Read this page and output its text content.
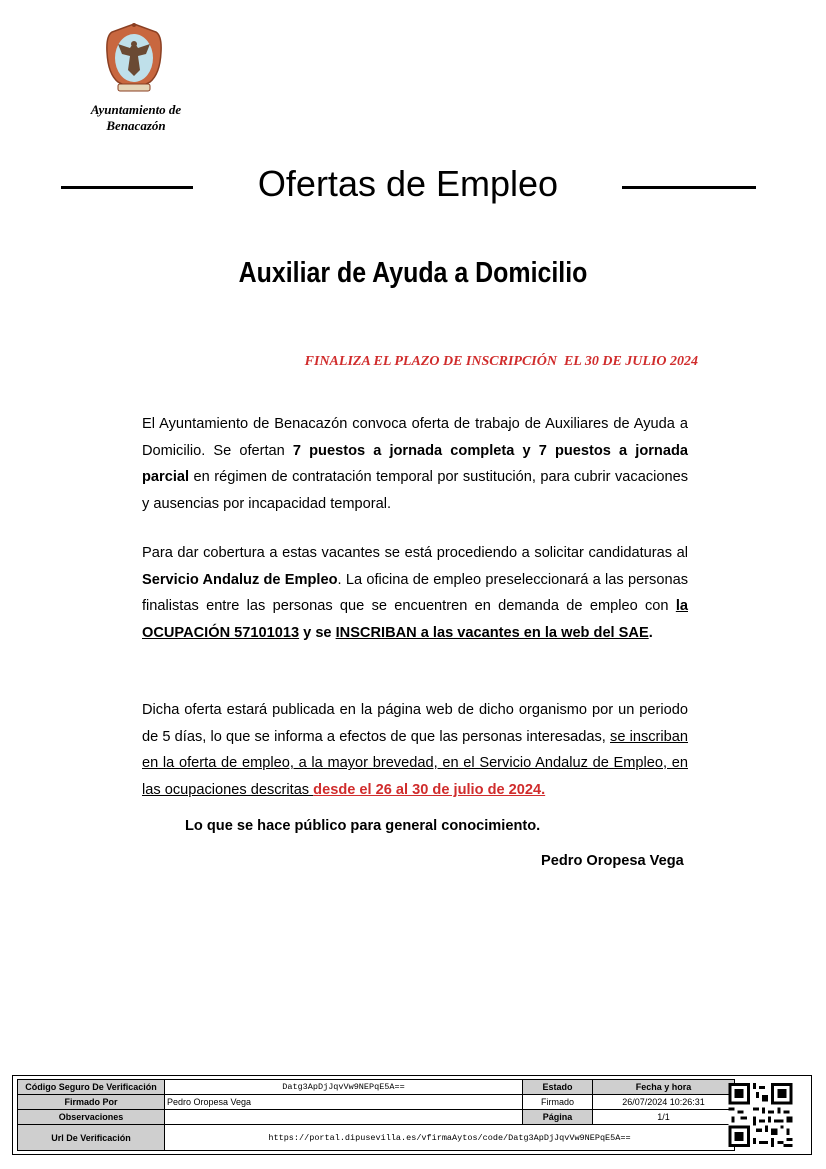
Ayuntamiento de
Benacazón
Ofertas de Empleo
Auxiliar de Ayuda a Domicilio
FINALIZA EL PLAZO DE INSCRIPCIÓN  EL 30 DE JULIO 2024
El Ayuntamiento de Benacazón convoca oferta de trabajo de Auxiliares de Ayuda a Domicilio. Se ofertan 7 puestos a jornada completa y 7 puestos a jornada parcial en régimen de contratación temporal por sustitución, para cubrir vacaciones y ausencias por incapacidad temporal.
Para dar cobertura a estas vacantes se está procediendo a solicitar candidaturas al Servicio Andaluz de Empleo. La oficina de empleo preseleccionará a las personas finalistas entre las personas que se encuentren en demanda de empleo con la OCUPACIÓN 57101013 y se INSCRIBAN a las vacantes en la web del SAE.
Dicha oferta estará publicada en la página web de dicho organismo por un periodo de 5 días, lo que se informa a efectos de que las personas interesadas, se inscriban en la oferta de empleo, a la mayor brevedad, en el Servicio Andaluz de Empleo, en las ocupaciones descritas desde el 26 al 30 de julio de 2024.
Lo que se hace público para general conocimiento.
Pedro Oropesa Vega
Código Seguro De Verificación	Datg3ApDjJqvVw9NEPqE5A==	Estado	Fecha y hora
Firmado Por	Pedro Oropesa Vega	Firmado	26/07/2024 10:26:31
Observaciones		Página	1/1
Url De Verificación	https://portal.dipusevilla.es/vfirmaAytos/code/Datg3ApDjJqvVw9NEPqE5A==		
